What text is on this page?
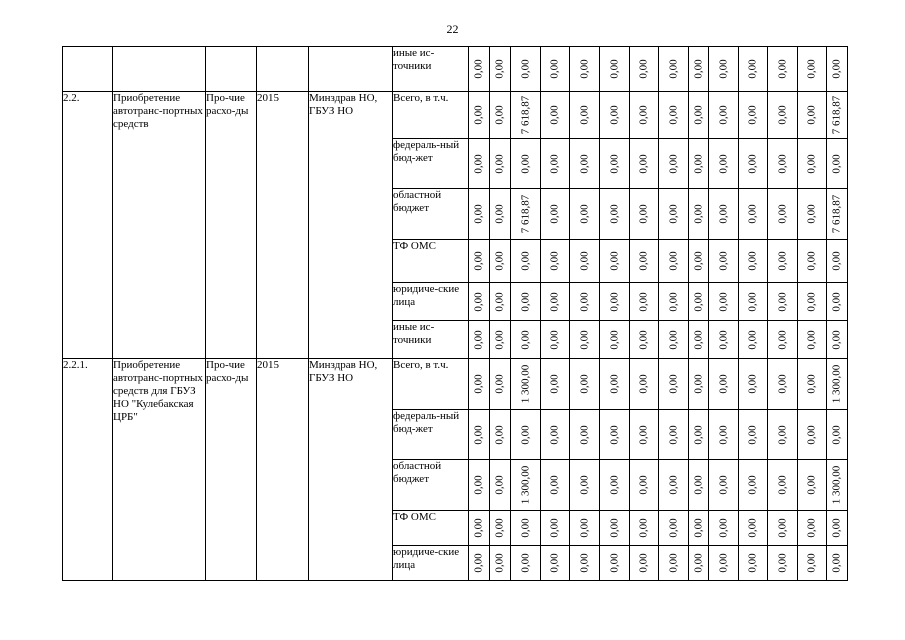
22
					иные ис-точники	0,00	0,00	0,00	0,00	0,00	0,00	0,00	0,00	0,00	0,00	0,00	0,00	0,00	0,00

2.2.	Приобретение автотранс-портных средств	Про-чие расхо-ды	2015	Минздрав НО, ГБУЗ НО	Всего, в т.ч.	0,00	0,00	7 618,87	0,00	0,00	0,00	0,00	0,00	0,00	0,00	0,00	0,00	0,00	7 618,87

					федераль-ный бюд-жет	0,00	0,00	0,00	0,00	0,00	0,00	0,00	0,00	0,00	0,00	0,00	0,00	0,00	0,00

					областной бюджет	0,00	0,00	7 618,87	0,00	0,00	0,00	0,00	0,00	0,00	0,00	0,00	0,00	0,00	7 618,87

					ТФ ОМС	0,00	0,00	0,00	0,00	0,00	0,00	0,00	0,00	0,00	0,00	0,00	0,00	0,00	0,00

					юридиче-ские лица	0,00	0,00	0,00	0,00	0,00	0,00	0,00	0,00	0,00	0,00	0,00	0,00	0,00	0,00

					иные ис-точники	0,00	0,00	0,00	0,00	0,00	0,00	0,00	0,00	0,00	0,00	0,00	0,00	0,00	0,00

2.2.1.	Приобретение автотранс-портных средств для ГБУЗ НО "Кулебакская ЦРБ"	Про-чие расхо-ды	2015	Минздрав НО, ГБУЗ НО	Всего, в т.ч.	0,00	0,00	1 300,00	0,00	0,00	0,00	0,00	0,00	0,00	0,00	0,00	0,00	0,00	1 300,00

					федераль-ный бюд-жет	0,00	0,00	0,00	0,00	0,00	0,00	0,00	0,00	0,00	0,00	0,00	0,00	0,00	0,00

					областной бюджет	0,00	0,00	1 300,00	0,00	0,00	0,00	0,00	0,00	0,00	0,00	0,00	0,00	0,00	1 300,00

					ТФ ОМС	0,00	0,00	0,00	0,00	0,00	0,00	0,00	0,00	0,00	0,00	0,00	0,00	0,00	0,00

					юридиче-ские лица	0,00	0,00	0,00	0,00	0,00	0,00	0,00	0,00	0,00	0,00	0,00	0,00	0,00	0,00
